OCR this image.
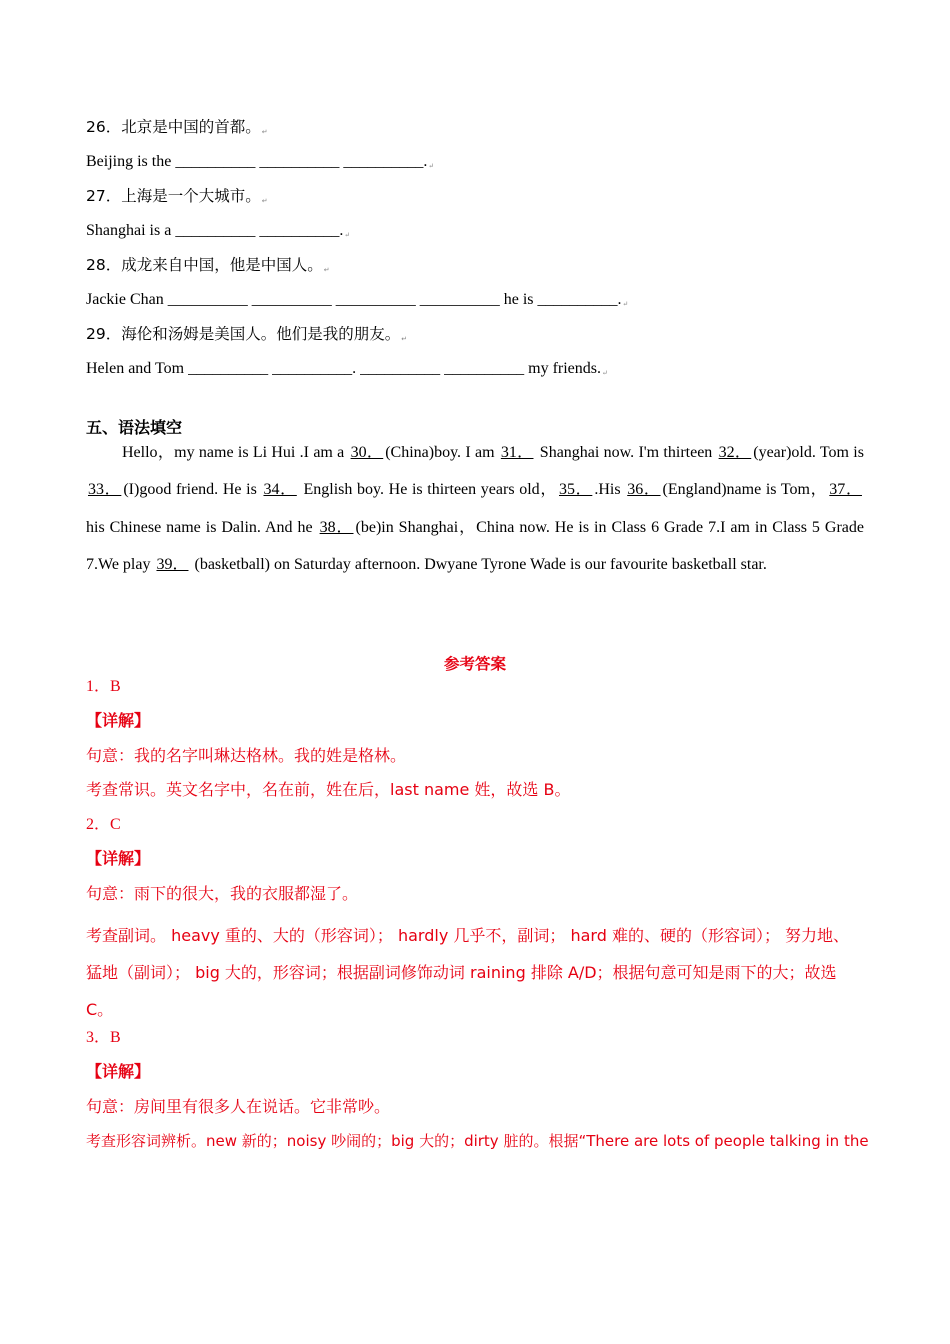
26．北京是中国的首都。↵
Beijing is the __________ __________ __________.↵
27．上海是一个大城市。↵
Shanghai is a __________ __________.↵
28．成龙来自中国，他是中国人。↵
Jackie Chan __________ __________ __________ __________ he is __________.↵
29．海伦和汤姆是美国人。他们是我的朋友。↵
Helen and Tom __________ __________. __________ __________ my friends.↵
五、语法填空
Hello，my name is Li Hui .I am a 30． (China)boy. I am 31． Shanghai now. I'm thirteen 32． (year)old. Tom is 33． (I)good friend. He is 34． English boy. He is thirteen years old， 35． .His 36． (England)name is Tom， 37． his Chinese name is Dalin. And he 38． (be)in Shanghai，China now. He is in Class 6 Grade 7.I am in Class 5 Grade 7.We play 39． (basketball) on Saturday afternoon. Dwyane Tyrone Wade is our favourite basketball star.
参考答案
1．B
【详解】
句意：我的名字叫琳达格林。我的姓是格林。
考查常识。英文名字中，名在前，姓在后，last name 姓，故选 B。
2．C
【详解】
句意：雨下的很大，我的衣服都湿了。
考查副词。 heavy 重的、大的（形容词）； hardly 几乎不，副词； hard 难的、硬的（形容词）； 努力地、猛地（副词）； big 大的，形容词；根据副词修饰动词 raining 排除 A/D；根据句意可知是雨下的大；故选 C。
3．B
【详解】
句意：房间里有很多人在说话。它非常吵。
考查形容词辨析。new 新的；noisy 吵闹的；big 大的；dirty 脏的。根据“There are lots of people talking in the
